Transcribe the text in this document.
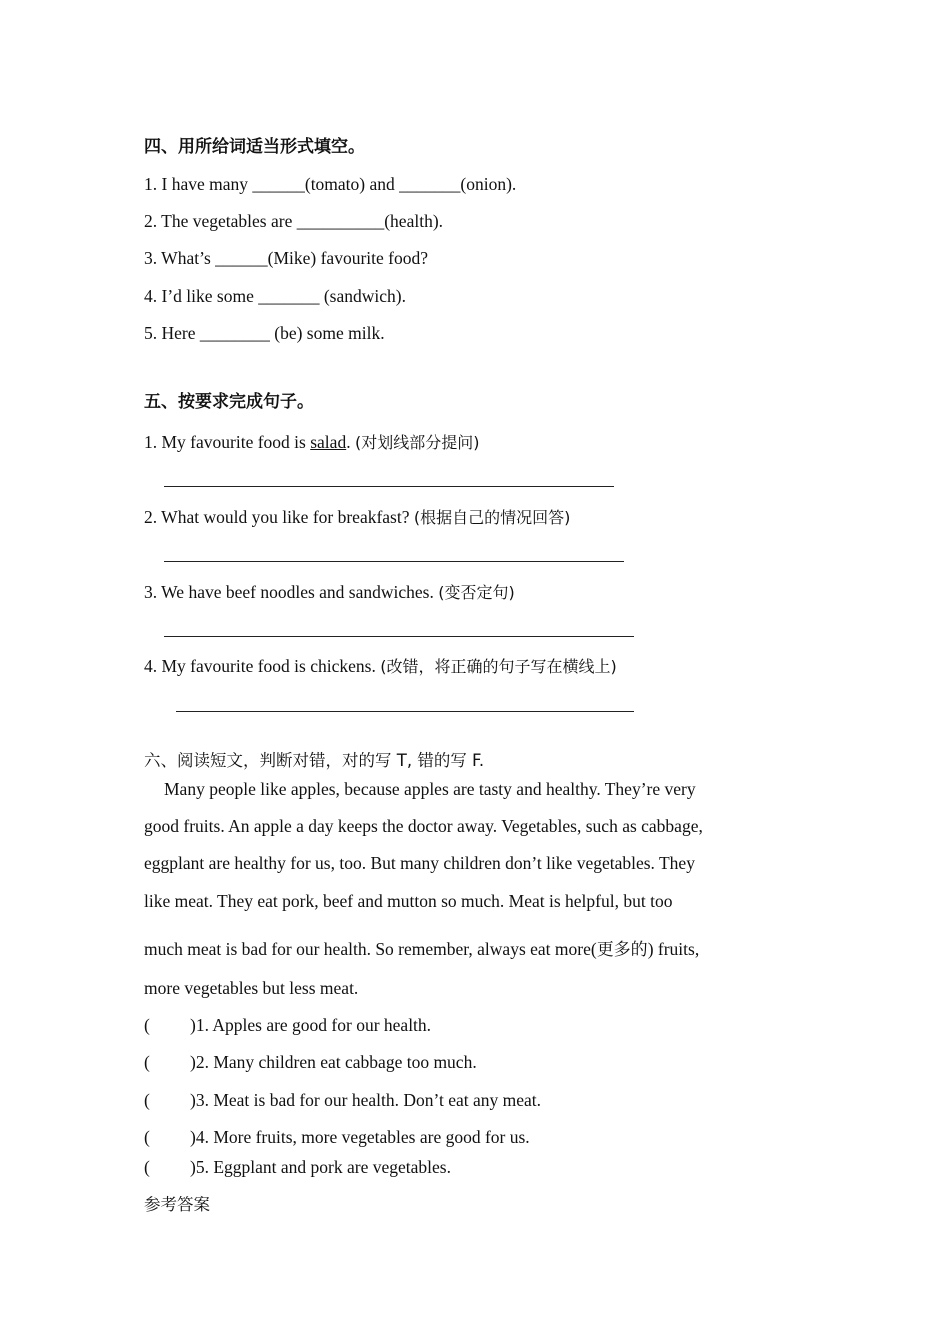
四、用所给词适当形式填空。
1. I have many ______(tomato) and _______(onion).
2. The vegetables are __________(health).
3. What’s ______(Mike) favourite food?
4. I’d like some _______ (sandwich).
5. Here ________ (be) some milk.
五、按要求完成句子。
1. My favourite food is salad. (对划线部分提问)
2. What would you like for breakfast? (根据自己的情况回答)
3. We have beef noodles and sandwiches. (变否定句)
4. My favourite food is chickens. (改错，将正确的句子写在横线上)
六、阅读短文，判断对错，对的写 T, 错的写 F.
Many people like apples, because apples are tasty and healthy. They’re very
good fruits. An apple a day keeps the doctor away. Vegetables, such as cabbage,
eggplant are healthy for us, too. But many children don’t like vegetables. They
like meat. They eat pork, beef and mutton so much. Meat is helpful, but too
much meat is bad for our health. So remember, always eat more(更多的) fruits,
more vegetables but less meat.
( )1. Apples are good for our health.
( )2. Many children eat cabbage too much.
( )3. Meat is bad for our health. Don’t eat any meat.
( )4. More fruits, more vegetables are good for us.
( )5. Eggplant and pork are vegetables.
参考答案
